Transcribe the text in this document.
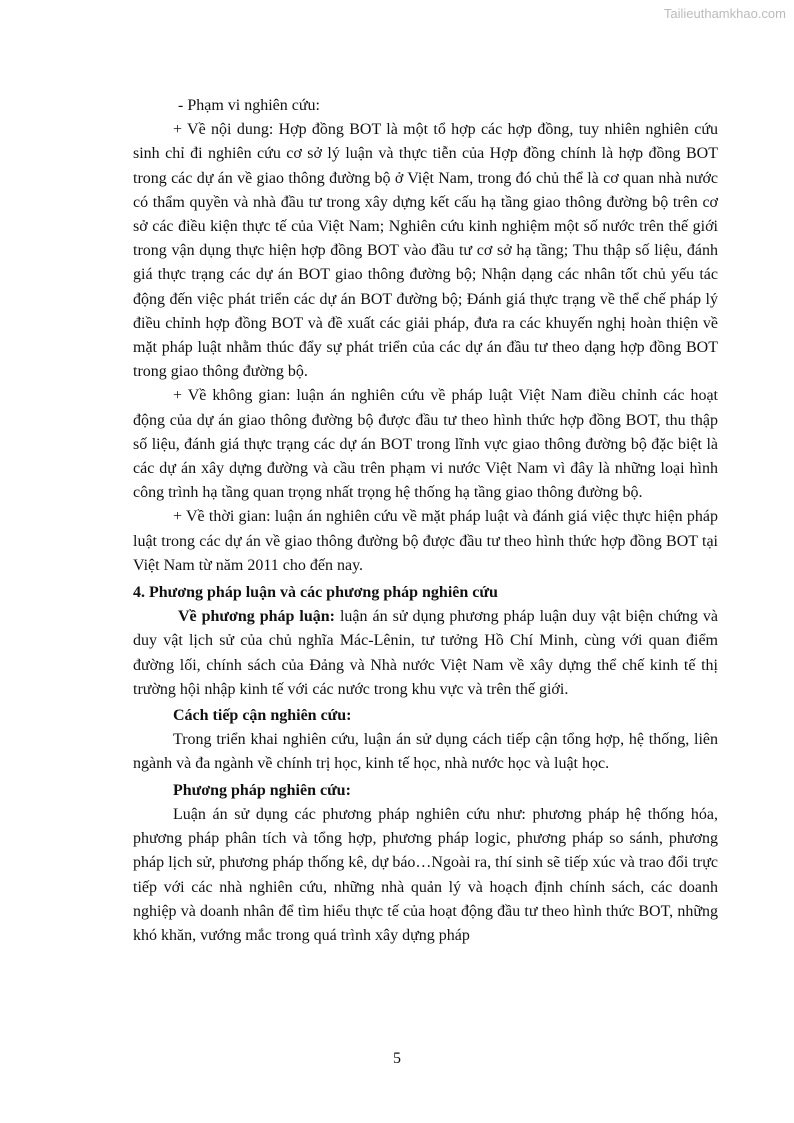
Tailieuthamkhao.com

- Phạm vi nghiên cứu:

+ Về nội dung: Hợp đồng BOT là một tổ hợp các hợp đồng, tuy nhiên nghiên cứu sinh chỉ đi nghiên cứu cơ sở lý luận và thực tiễn của Hợp đồng chính là hợp đồng BOT trong các dự án về giao thông đường bộ ở Việt Nam, trong đó chủ thể là cơ quan nhà nước có thẩm quyền và nhà đầu tư trong xây dựng kết cấu hạ tầng giao thông đường bộ trên cơ sở các điều kiện thực tế của Việt Nam; Nghiên cứu kinh nghiệm một số nước trên thế giới trong vận dụng thực hiện hợp đồng BOT vào đầu tư cơ sở hạ tầng; Thu thập số liệu, đánh giá thực trạng các dự án BOT giao thông đường bộ; Nhận dạng các nhân tốt chủ yếu tác động đến việc phát triển các dự án BOT đường bộ; Đánh giá thực trạng về thể chế pháp lý điều chỉnh hợp đồng BOT và đề xuất các giải pháp, đưa ra các khuyến nghị hoàn thiện về mặt pháp luật nhằm thúc đẩy sự phát triển của các dự án đầu tư theo dạng hợp đồng BOT trong giao thông đường bộ.

+ Về không gian: luận án nghiên cứu về pháp luật Việt Nam điều chỉnh các hoạt động của dự án giao thông đường bộ được đầu tư theo hình thức hợp đồng BOT, thu thập số liệu, đánh giá thực trạng các dự án BOT trong lĩnh vực giao thông đường bộ đặc biệt là các dự án xây dựng đường và cầu trên phạm vi nước Việt Nam vì đây là những loại hình công trình hạ tầng quan trọng nhất trọng hệ thống hạ tầng giao thông đường bộ.

+ Về thời gian: luận án nghiên cứu về mặt pháp luật và đánh giá việc thực hiện pháp luật trong các dự án về giao thông đường bộ được đầu tư theo hình thức hợp đồng BOT tại Việt Nam từ năm 2011 cho đến nay.

4. Phương pháp luận và các phương pháp nghiên cứu

Về phương pháp luận: luận án sử dụng phương pháp luận duy vật biện chứng và duy vật lịch sử của chủ nghĩa Mác-Lênin, tư tưởng Hồ Chí Minh, cùng với quan điểm đường lối, chính sách của Đảng và Nhà nước Việt Nam về xây dựng thể chế kinh tế thị trường hội nhập kinh tế với các nước trong khu vực và trên thế giới.

Cách tiếp cận nghiên cứu:

Trong triển khai nghiên cứu, luận án sử dụng cách tiếp cận tổng hợp, hệ thống, liên ngành và đa ngành về chính trị học, kinh tế học, nhà nước học và luật học.

Phương pháp nghiên cứu:

Luận án sử dụng các phương pháp nghiên cứu như: phương pháp hệ thống hóa, phương pháp phân tích và tổng hợp, phương pháp logic, phương pháp so sánh, phương pháp lịch sử, phương pháp thống kê, dự báo…Ngoài ra, thí sinh sẽ tiếp xúc và trao đổi trực tiếp với các nhà nghiên cứu, những nhà quản lý và hoạch định chính sách, các doanh nghiệp và doanh nhân để tìm hiểu thực tế của hoạt động đầu tư theo hình thức BOT, những khó khăn, vướng mắc trong quá trình xây dựng pháp

5
